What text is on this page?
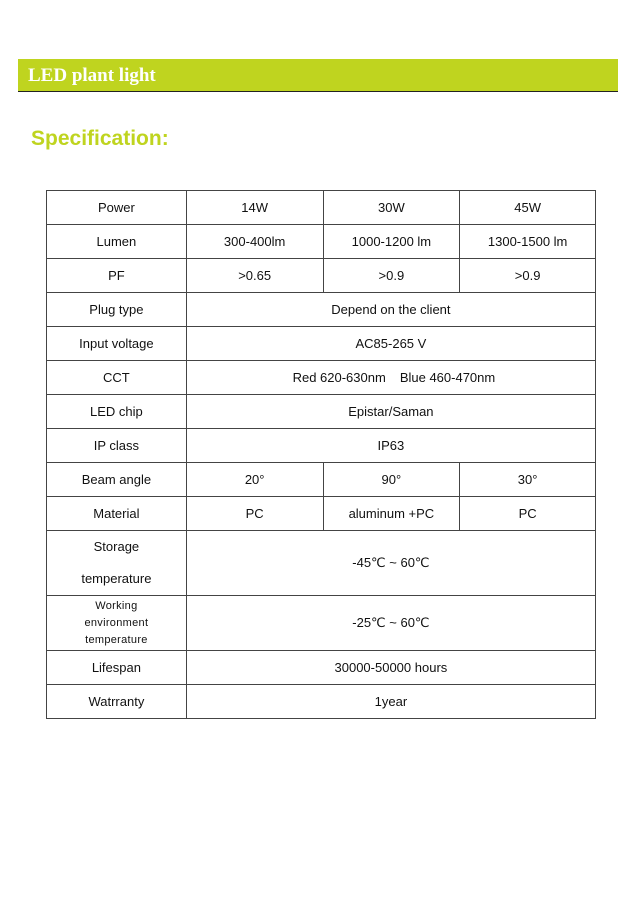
LED plant light
Specification:
Power	14W	30W	45W
Lumen	300-400lm	1000-1200 lm	1300-1500 lm
PF	>0.65	>0.9	>0.9
Plug type	Depend on the client		
Input voltage	AC85-265 V		
CCT	Red 620-630nm Blue 460-470nm		
LED chip	Epistar/Saman		
IP class	IP63		
Beam angle	20°	90°	30°
Material	PC	aluminum +PC	PC

Storage
temperature	-45℃ ~ 60℃		

Working
environment
temperature	-25℃ ~ 60℃		
Lifespan	30000-50000 hours		
Watrranty	1year		
